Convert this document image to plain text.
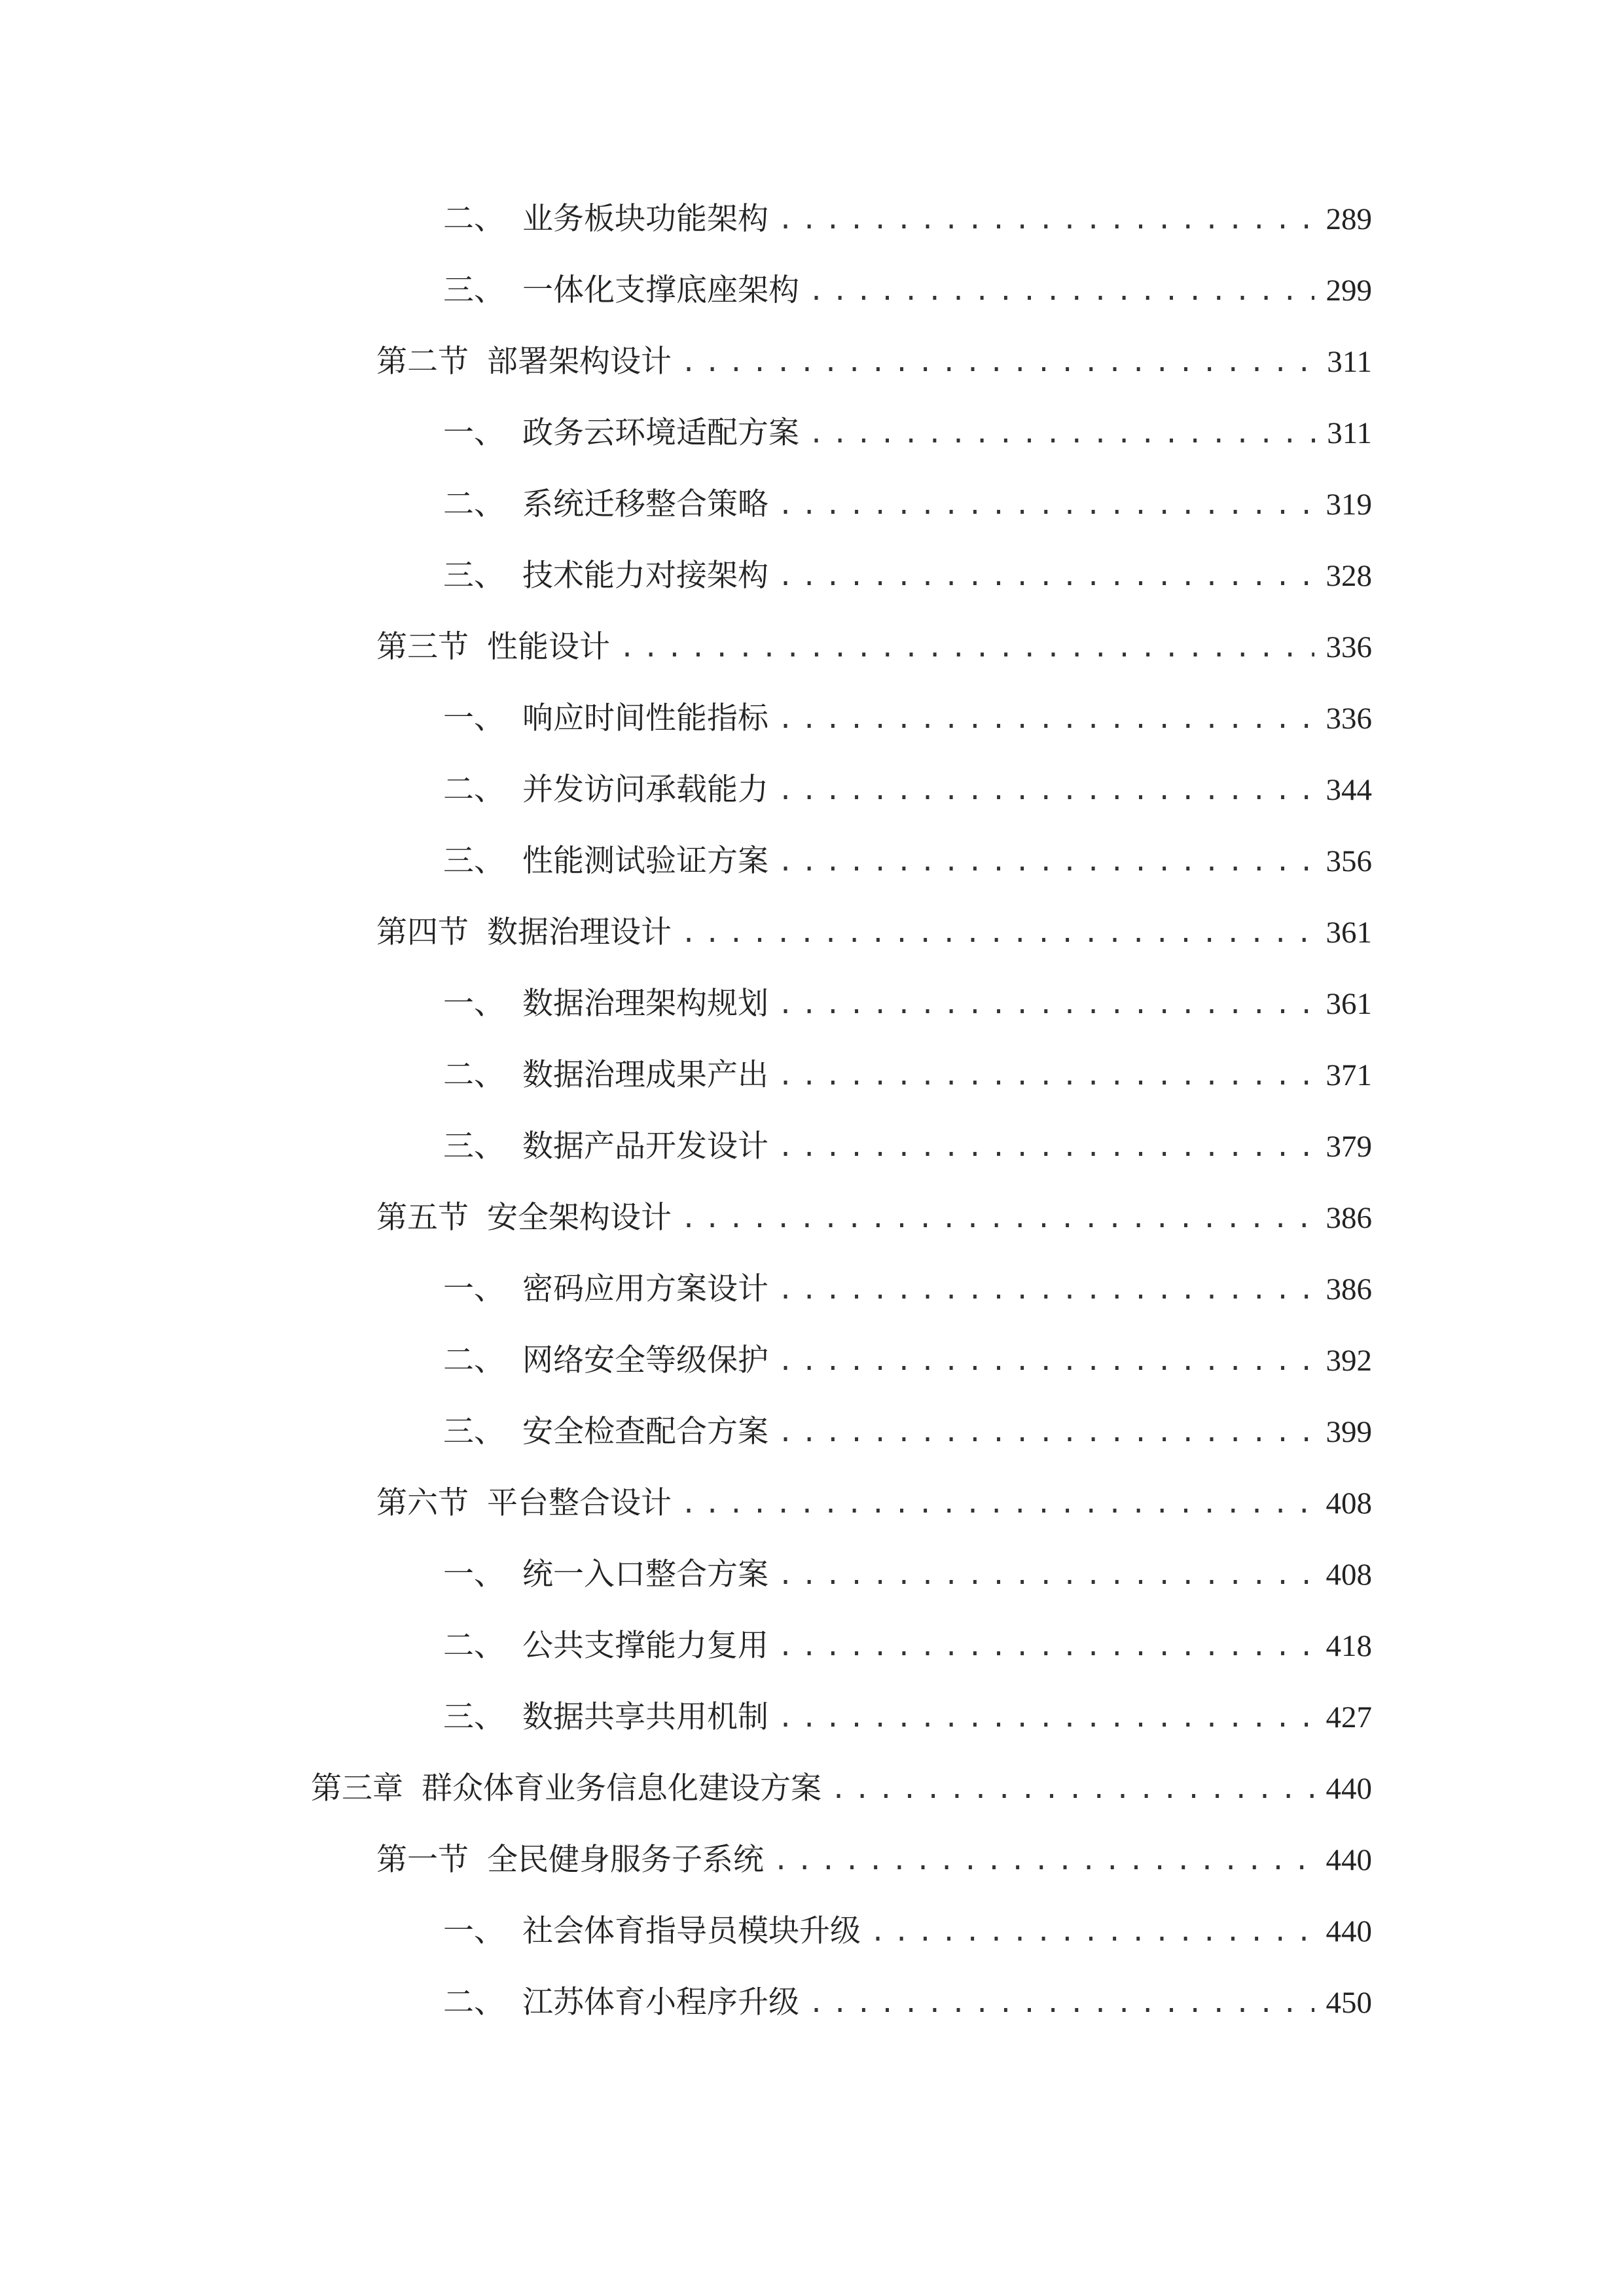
二、 业务板块功能架构 . . .	289
三、 一体化支撑底座架构 . . .	299
第二节 部署架构设计 . . .	311
一、 政务云环境适配方案 . . .	311
二、 系统迁移整合策略 . . .	319
三、 技术能力对接架构 . . .	328
第三节 性能设计 . . .	336
一、 响应时间性能指标 . . .	336
二、 并发访问承载能力 . . .	344
三、 性能测试验证方案 . . .	356
第四节 数据治理设计 . . .	361
一、 数据治理架构规划 . . .	361
二、 数据治理成果产出 . . .	371
三、 数据产品开发设计 . . .	379
第五节 安全架构设计 . . .	386
一、 密码应用方案设计 . . .	386
二、 网络安全等级保护 . . .	392
三、 安全检查配合方案 . . .	399
第六节 平台整合设计 . . .	408
一、 统一入口整合方案 . . .	408
二、 公共支撑能力复用 . . .	418
三、 数据共享共用机制 . . .	427
第三章 群众体育业务信息化建设方案 . . .	440
第一节 全民健身服务子系统 . . .	440
一、 社会体育指导员模块升级 . . .	440
二、 江苏体育小程序升级 . . .	450
